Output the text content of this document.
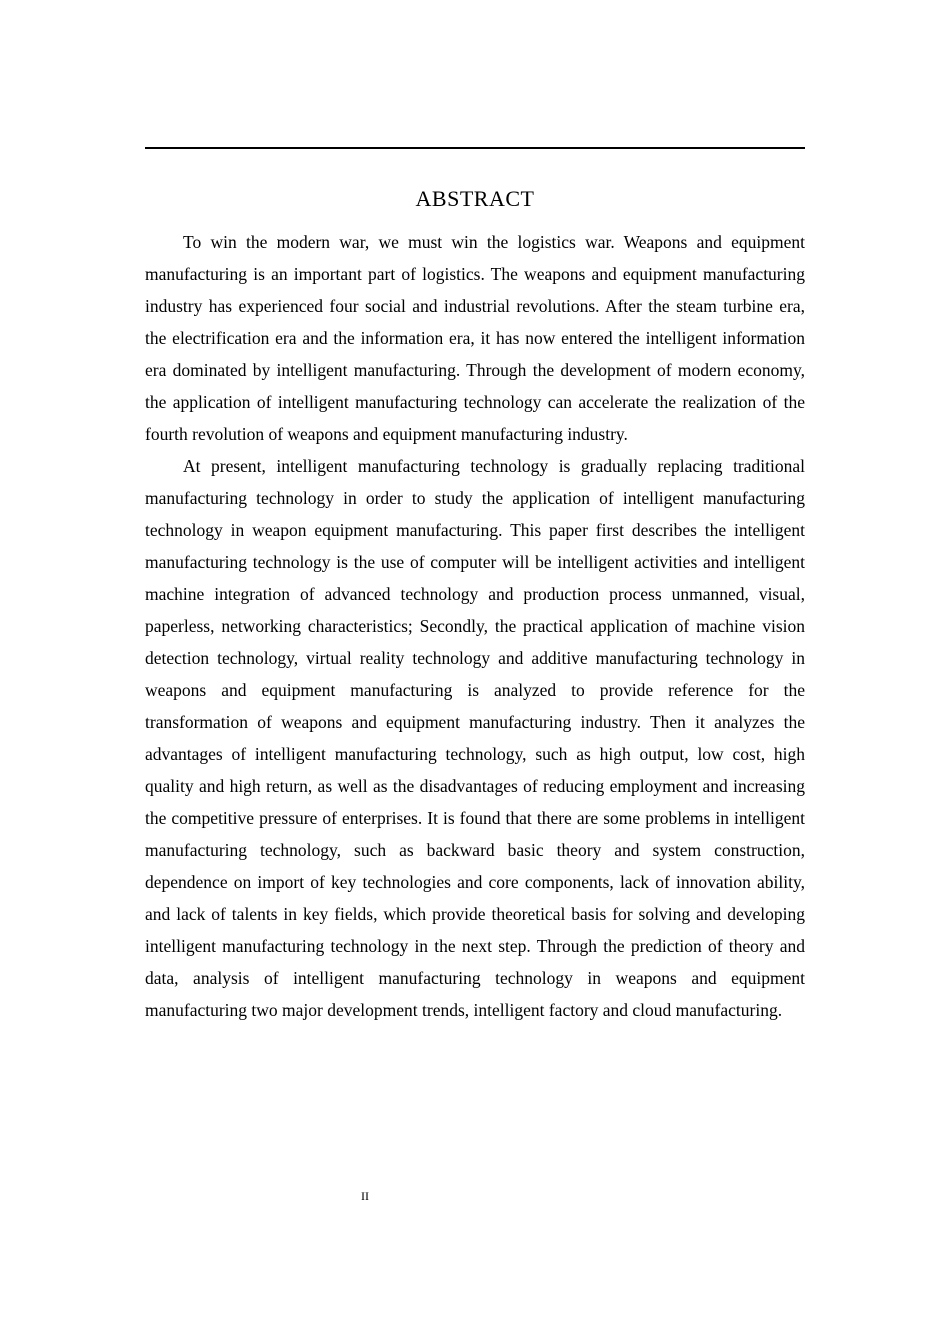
ABSTRACT

To win the modern war, we must win the logistics war. Weapons and equipment manufacturing is an important part of logistics. The weapons and equipment manufacturing industry has experienced four social and industrial revolutions. After the steam turbine era, the electrification era and the information era, it has now entered the intelligent information era dominated by intelligent manufacturing. Through the development of modern economy, the application of intelligent manufacturing technology can accelerate the realization of the fourth revolution of weapons and equipment manufacturing industry.

At present, intelligent manufacturing technology is gradually replacing traditional manufacturing technology in order to study the application of intelligent manufacturing technology in weapon equipment manufacturing. This paper first describes the intelligent manufacturing technology is the use of computer will be intelligent activities and intelligent machine integration of advanced technology and production process unmanned, visual, paperless, networking characteristics; Secondly, the practical application of machine vision detection technology, virtual reality technology and additive manufacturing technology in weapons and equipment manufacturing is analyzed to provide reference for the transformation of weapons and equipment manufacturing industry. Then it analyzes the advantages of intelligent manufacturing technology, such as high output, low cost, high quality and high return, as well as the disadvantages of reducing employment and increasing the competitive pressure of enterprises. It is found that there are some problems in intelligent manufacturing technology, such as backward basic theory and system construction, dependence on import of key technologies and core components, lack of innovation ability, and lack of talents in key fields, which provide theoretical basis for solving and developing intelligent manufacturing technology in the next step. Through the prediction of theory and data, analysis of intelligent manufacturing technology in weapons and equipment manufacturing two major development trends, intelligent factory and cloud manufacturing.

II
